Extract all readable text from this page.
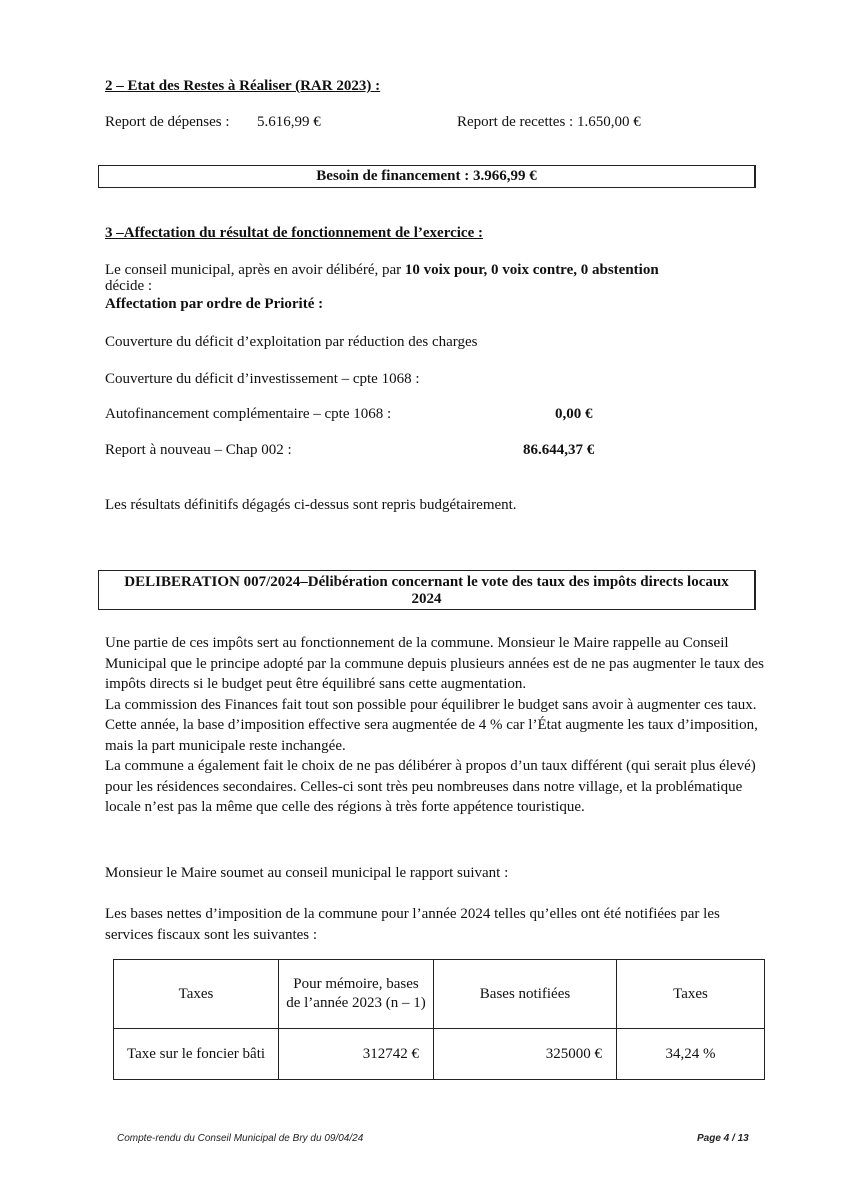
2 – Etat des Restes à Réaliser (RAR 2023) :
Report de dépenses : 5.616,99 €	Report de recettes : 1.650,00 €
Besoin de financement : 3.966,99 €
3 –Affectation du résultat de fonctionnement de l’exercice :
Le conseil municipal, après en avoir délibéré, par 10 voix pour, 0 voix contre, 0 abstention
décide :
Affectation par ordre de Priorité :
Couverture du déficit d’exploitation par réduction des charges
Couverture du déficit d’investissement – cpte 1068 :
Autofinancement complémentaire – cpte 1068 :	0,00 €
Report à nouveau – Chap 002 :	86.644,37 €
Les résultats définitifs dégagés ci-dessus sont repris budgétairement.
DELIBERATION 007/2024–Délibération concernant le vote des taux des impôts directs locaux
2024

Une partie de ces impôts sert au fonctionnement de la commune. Monsieur le Maire rappelle au Conseil Municipal que le principe adopté par la commune depuis plusieurs années est de ne pas augmenter le taux des impôts directs si le budget peut être équilibré sans cette augmentation.

La commission des Finances fait tout son possible pour équilibrer le budget sans avoir à augmenter ces taux.

Cette année, la base d’imposition effective sera augmentée de 4 % car l’État augmente les taux d’imposition, mais la part municipale reste inchangée.

La commune a également fait le choix de ne pas délibérer à propos d’un taux différent (qui serait plus élevé) pour les résidences secondaires. Celles-ci sont très peu nombreuses dans notre village, et la problématique locale n’est pas la même que celle des régions à très forte appétence touristique.

Monsieur le Maire soumet au conseil municipal le rapport suivant :
Les bases nettes d’imposition de la commune pour l’année 2024 telles qu’elles ont été notifiées par les services fiscaux sont les suivantes :
Taxes	Pour mémoire, bases de l’année 2023 (n – 1)	Bases notifiées	Taxes
Taxe sur le foncier bâti	312742 €	325000 €	34,24 %
Compte-rendu du Conseil Municipal de Bry du 09/04/24	Page 4 / 13
